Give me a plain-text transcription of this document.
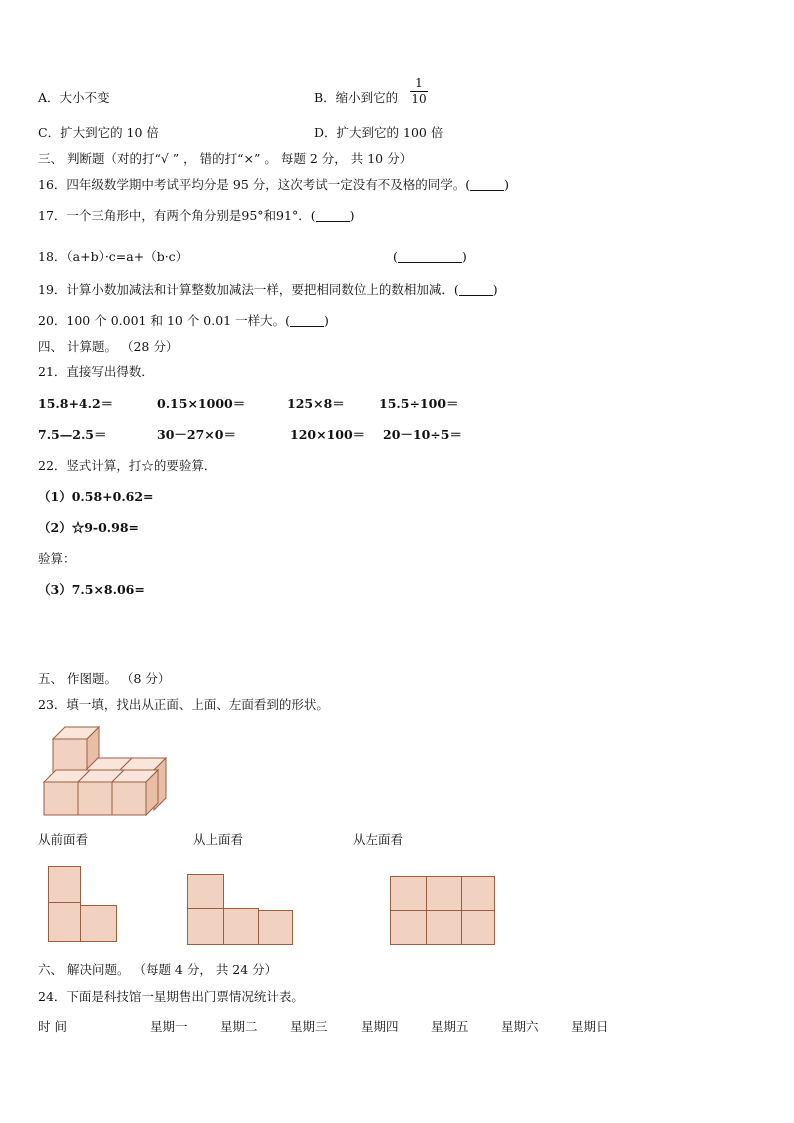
A．大小不变	B．缩小到它的 $\frac{1}{10}$
C．扩大到它的 10 倍	D．扩大到它的 100 倍
三、 判断题（对的打“√ ” ， 错的打“×” 。 每题 2 分， 共 10 分）
16．四年级数学期中考试平均分是 95 分，这次考试一定没有不及格的同学。(	)
17．一个三角形中，有两个角分别是95°和91°．(	)
18．（a+b）·c=a+（b·c）	(	)
19．计算小数加减法和计算整数加减法一样，要把相同数位上的数相加减．(	)
20．100 个 0.001 和 10 个 0.01 一样大。(	)
四、 计算题。 （28 分）
21．直接写出得数．
15.8+4.2＝	0.15×1000＝	125×8＝	15.5÷100＝
7.5—2.5＝	30－27×0＝	120×100＝ 20－10÷5＝
22．竖式计算，打☆的要验算．
（1）0.58+0.62=
（2）☆9-0.98=
验算：
（3）7.5×8.06=
五、 作图题。 （8 分）
23．填一填，找出从正面、上面、左面看到的形状。
从前面看	从上面看	从左面看
六、 解决问题。 （每题 4 分， 共 24 分）
24．下面是科技馆一星期售出门票情况统计表。
时 间	星期一	星期二	星期三	星期四	星期五	星期六	星期日
